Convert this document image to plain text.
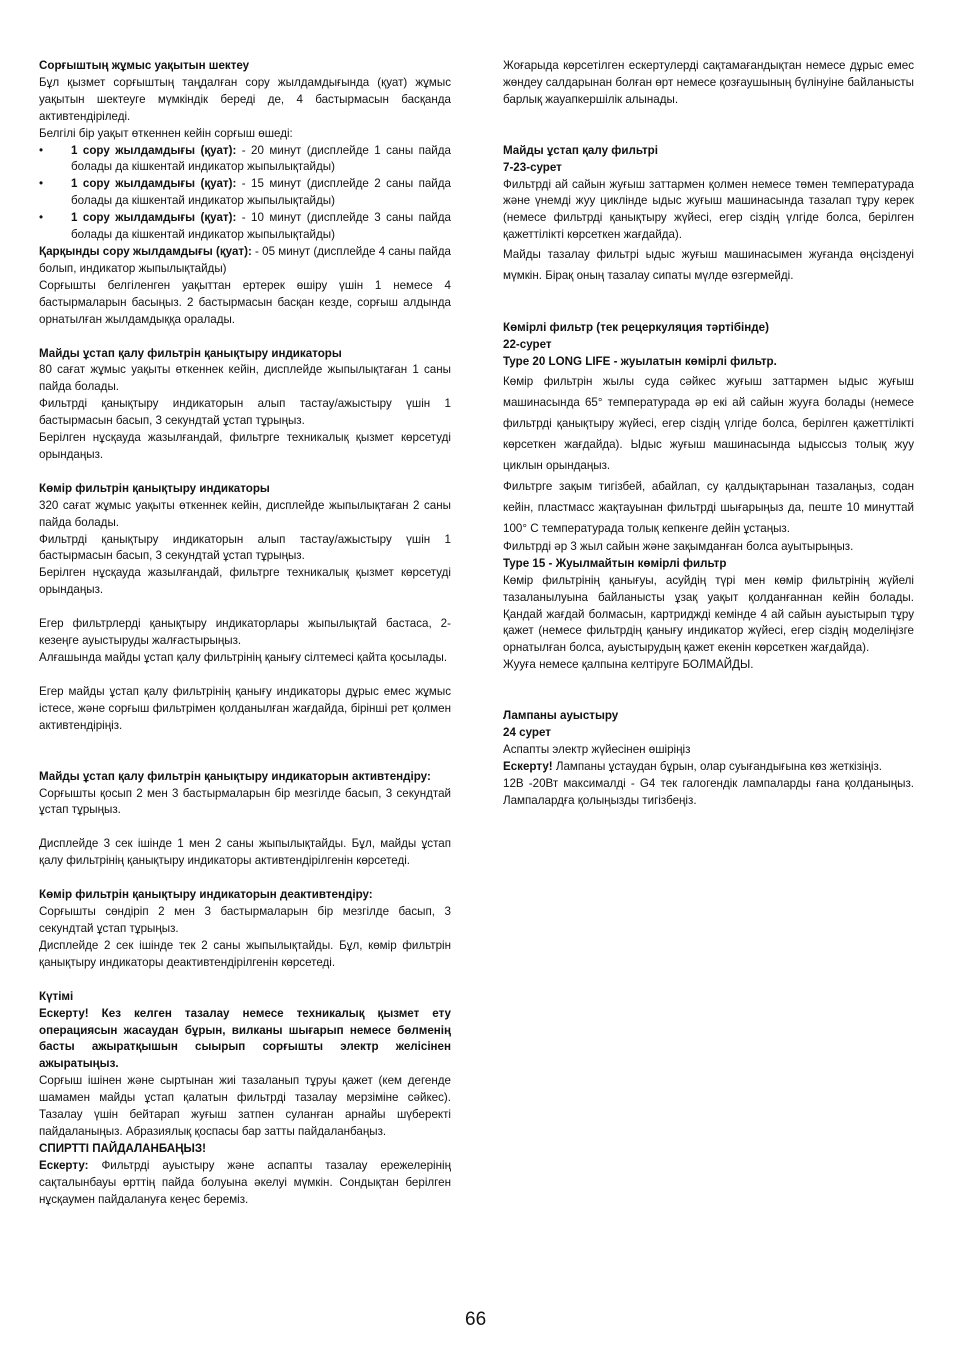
Сорғыштың жұмыс уақытын шектеу

Бұл қызмет сорғыштың таңдалған сору жылдамдығында (қуат) жұмыс уақытын шектеуге мүмкіндік береді де, 4 бастырмасын басқанда активтендіріледі.

Белгілі бір уақыт өткеннен кейін сорғыш өшеді:

•	1 сору жылдамдығы (қуат): - 20 минут (дисплейде 1 саны пайда болады да кішкентай индикатор жыпылықтайды)
•	1 сору жылдамдығы (қуат): - 15 минут (дисплейде 2 саны пайда болады да кішкентай индикатор жыпылықтайды)
•	1 сору жылдамдығы (қуат): - 10 минут (дисплейде 3 саны пайда болады да кішкентай индикатор жыпылықтайды)

Қарқынды сору жылдамдығы (қуат): - 05 минут (дисплейде 4 саны пайда болып, индикатор жыпылықтайды)

Сорғышты белгіленген уақыттан ертерек өшіру үшін 1 немесе 4 бастырмаларын басыңыз. 2 бастырмасын басқан кезде, сорғыш алдында орнатылған жылдамдыққа оралады.

Майды ұстап қалу фильтрін қанықтыру индикаторы

80 сағат жұмыс уақыты өткеннек кейін, дисплейде жыпылықтаған 1 саны пайда болады.

Фильтрді қанықтыру индикаторын алып тастау/ажыстыру үшін 1 бастырмасын басып, 3 секундтай ұстап тұрыңыз.

Берілген нұсқауда жазылғандай, фильтрге техникалық қызмет көрсетуді орындаңыз.

Көмір фильтрін қанықтыру индикаторы

320 сағат жұмыс уақыты өткеннек кейін, дисплейде жыпылықтаған 2 саны пайда болады.

Фильтрді қанықтыру индикаторын алып тастау/ажыстыру үшін 1 бастырмасын басып, 3 секундтай ұстап тұрыңыз.

Берілген нұсқауда жазылғандай, фильтрге техникалық қызмет көрсетуді орындаңыз.

Егер фильтрлерді қанықтыру индикаторлары жыпылықтай бастаса, 2-кезеңге ауыстыруды жалғастырыңыз.

Алғашында майды ұстап қалу фильтрінің қанығу сілтемесі қайта қосылады.

Егер майды ұстап қалу фильтрінің қанығу индикаторы дұрыс емес жұмыс істесе, және сорғыш фильтрімен қолданылған жағдайда, біріншi рет қолмен активтендіріңіз.

Майды ұстап қалу фильтрін қанықтыру индикаторын активтендіру:

Сорғышты қосып 2 мен 3 бастырмаларын бір мезгілде басып, 3 секундтай ұстап тұрыңыз.

Дисплейде 3 сек ішінде 1 мен 2 саны жыпылықтайды. Бұл, майды ұстап қалу фильтрінің қанықтыру индикаторы активтендірілгенін көрсетеді.

Көмір фильтрін қанықтыру индикаторын деактивтендіру:

Сорғышты сөндіріп 2 мен 3 бастырмаларын бір мезгілде басып, 3 секундтай ұстап тұрыңыз.

Дисплейде 2 сек ішінде тек 2 саны жыпылықтайды. Бұл, көмір фильтрін қанықтыру индикаторы деактивтендірілгенін көрсетеді.

Күтімі

Ескерту! Кез келген тазалау немесе техникалық қызмет ету операциясын жасаудан бұрын, вилканы шығарып немесе бөлменің басты ажыратқышын сыырып сорғышты электр желісінен ажыратыңыз.

Сорғыш ішінен және сыртынан жиі тазаланып тұруы қажет (кем дегенде шамамен майды ұстап қалатын фильтрді тазалау мерзіміне сәйкес). Тазалау үшін бейтарап жуғыш затпен суланған арнайы шүберекті пайдаланыңыз. Абразиялық қоспасы бар затты пайдаланбаңыз.

СПИРТТІ ПАЙДАЛАНБАҢЫЗ!

Ескерту: Фильтрді ауыстыру және аспапты тазалау ережелерінің сақталынбауы өрттің пайда болуына әкелуі мүмкін. Сондықтан берілген нұсқаумен пайдалануға кеңес береміз.

Жоғарыда көрсетілген ескертулерді сақтамағандықтан немесе дұрыс емес жөндеу салдарынан болған өрт немесе қозғаушының бүлінуіне байланысты барлық жауапкершілік алынады.

Майды ұстап қалу фильтрі

7-23-сурет

Фильтрді ай сайын жуғыш заттармен қолмен немесе төмен температурада және үнемді жуу циклінде ыдыс жуғыш машинасында тазалап тұру керек (немесе фильтрді қанықтыру жүйесі, егер сіздің үлгіде болса, берілген қажеттілікті көрсеткен жағдайда).

Майды тазалау фильтрі ыдыс жуғыш машинасымен жуғанда өңсізденуі мүмкін. Бірақ оның тазалау сипаты мүлде өзгермейді.

Көмірлі фильтр (тек рецеркуляция тәртібінде)

22-сурет

Type 20 LONG LIFE - жуылатын көмірлі фильтр.

Көмір фильтрін жылы суда сәйкес жуғыш заттармен ыдыс жуғыш машинасында 65° температурада әр екі ай сайын жууға болады (немесе фильтрді қанықтыру жүйесі, егер сіздің үлгіде болса, берілген қажеттілікті көрсеткен жағдайда). Ыдыс жуғыш машинасында ыдыссыз толық жуу циклын орындаңыз.

Фильтрге зақым тигізбей, абайлап, су қалдықтарынан тазалаңыз, содан кейін, пластмасс жақтауынан фильтрді шығарыңыз да, пеште 10 минуттай 100° С температурада толық кепкенге дейін ұстаңыз.

Фильтрді әр 3 жыл сайын және зақымданған болса ауытырыңыз.

Type 15 - Жуылмайтын көмірлі фильтр

Көмір фильтрінің қанығуы, асуйдің түрі мен көмір фильтрінің жүйелі тазаланылуына байланысты ұзақ уақыт қолданғаннан кейін болады. Қандай жағдай болмасын, картриджді кемінде 4 ай сайын ауыстырып тұру қажет (немесе фильтрдің қанығу индикатор жүйесі, егер сіздің моделіңізге орнатылған болса, ауыстырудың қажет екенін көрсеткен жағдайда).

Жууға немесе қалпына келтіруге БОЛМАЙДЫ.

Лампаны ауыстыру

24 сурет

Аспапты электр жүйесінен өшіріңіз

Ескерту! Лампаны ұстаудан бұрын, олар суығандығына көз жеткізіңіз.

12В -20Вт максималді - G4 тек галогендік лампаларды ғана қолданыңыз. Лампалардға қолыңызды тигізбеңіз.

66
